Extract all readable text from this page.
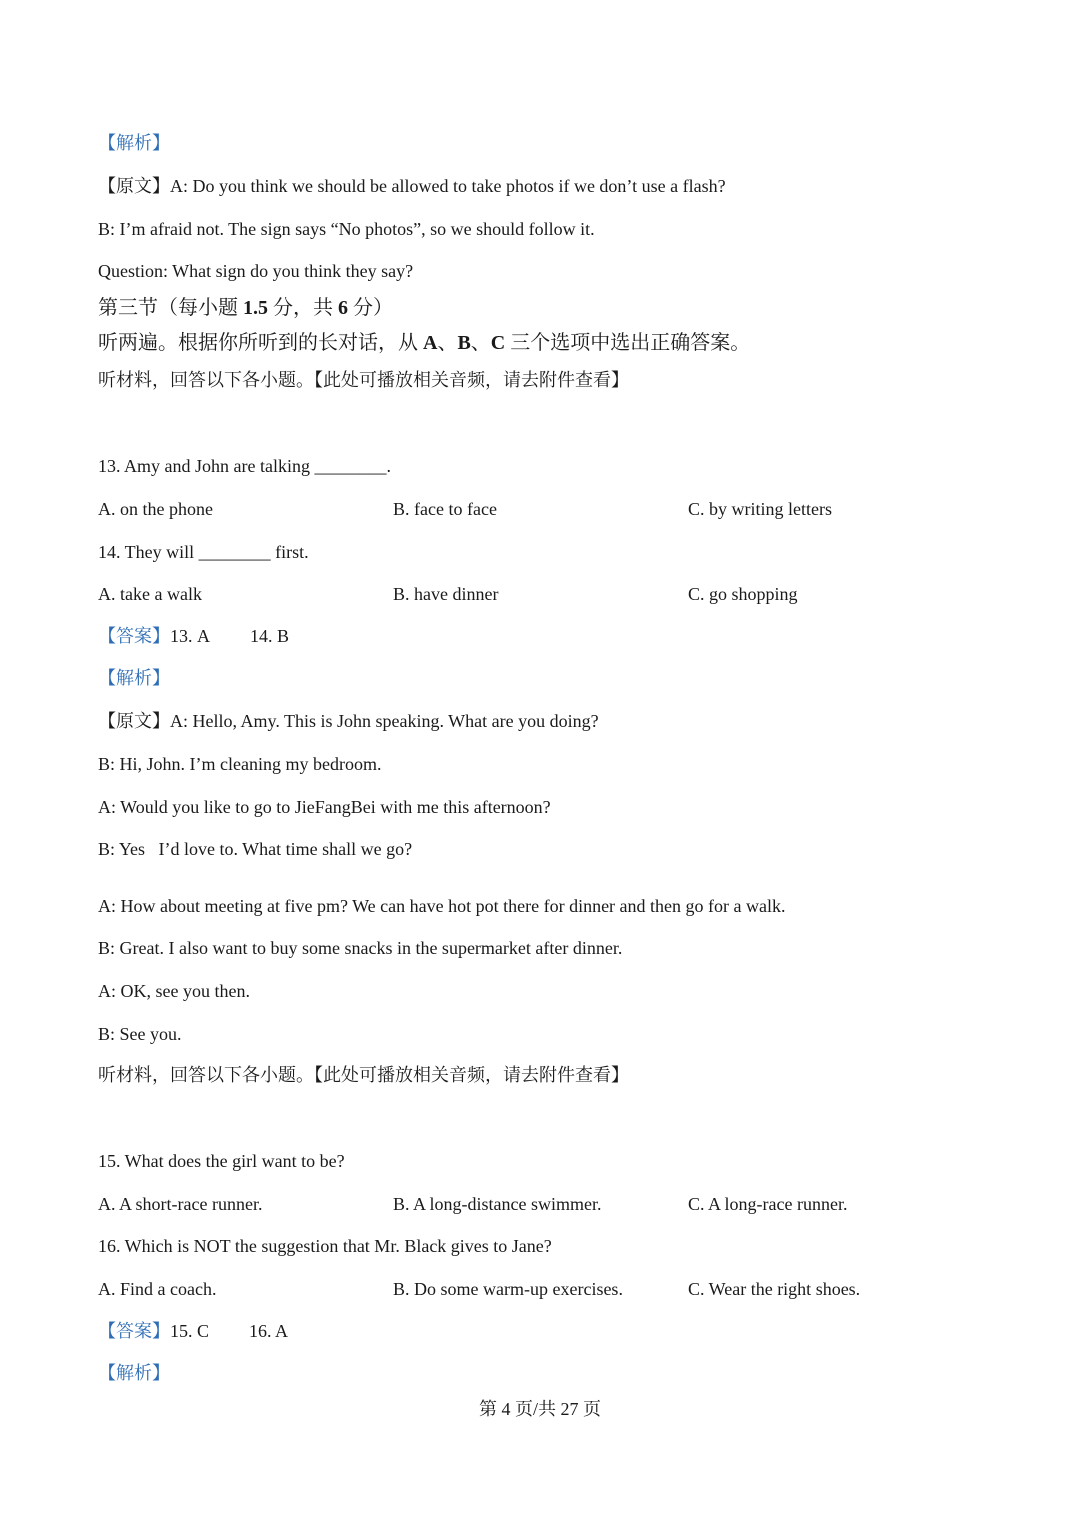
【解析】
【原文】A: Do you think we should be allowed to take photos if we don’t use a flash?
B: I’m afraid not. The sign says “No photos”, so we should follow it.
Question: What sign do you think they say?
第三节（每小题 1.5 分，共 6 分）
听两遍。根据你所听到的长对话，从 A、B、C 三个选项中选出正确答案。
听材料，回答以下各小题。【此处可播放相关音频，请去附件查看】
13. Amy and John are talking ________.
A. on the phone	B. face to face	C. by writing letters
14. They will ________ first.
A. take a walk	B. have dinner	C. go shopping
【答案】13. A 14. B
【解析】
【原文】A: Hello, Amy. This is John speaking. What are you doing?
B: Hi, John. I’m cleaning my bedroom.
A: Would you like to go to JieFangBei with me this afternoon?
B: Yes   I’d love to. What time shall we go?
A: How about meeting at five pm? We can have hot pot there for dinner and then go for a walk.
B: Great. I also want to buy some snacks in the supermarket after dinner.
A: OK, see you then.
B: See you.
听材料，回答以下各小题。【此处可播放相关音频，请去附件查看】
15. What does the girl want to be?
A. A short-race runner.	B. A long-distance swimmer.	C. A long-race runner.
16. Which is NOT the suggestion that Mr. Black gives to Jane?
A. Find a coach.	B. Do some warm-up exercises.	C. Wear the right shoes.
【答案】15. C 16. A
【解析】
第 4 页/共 27 页
